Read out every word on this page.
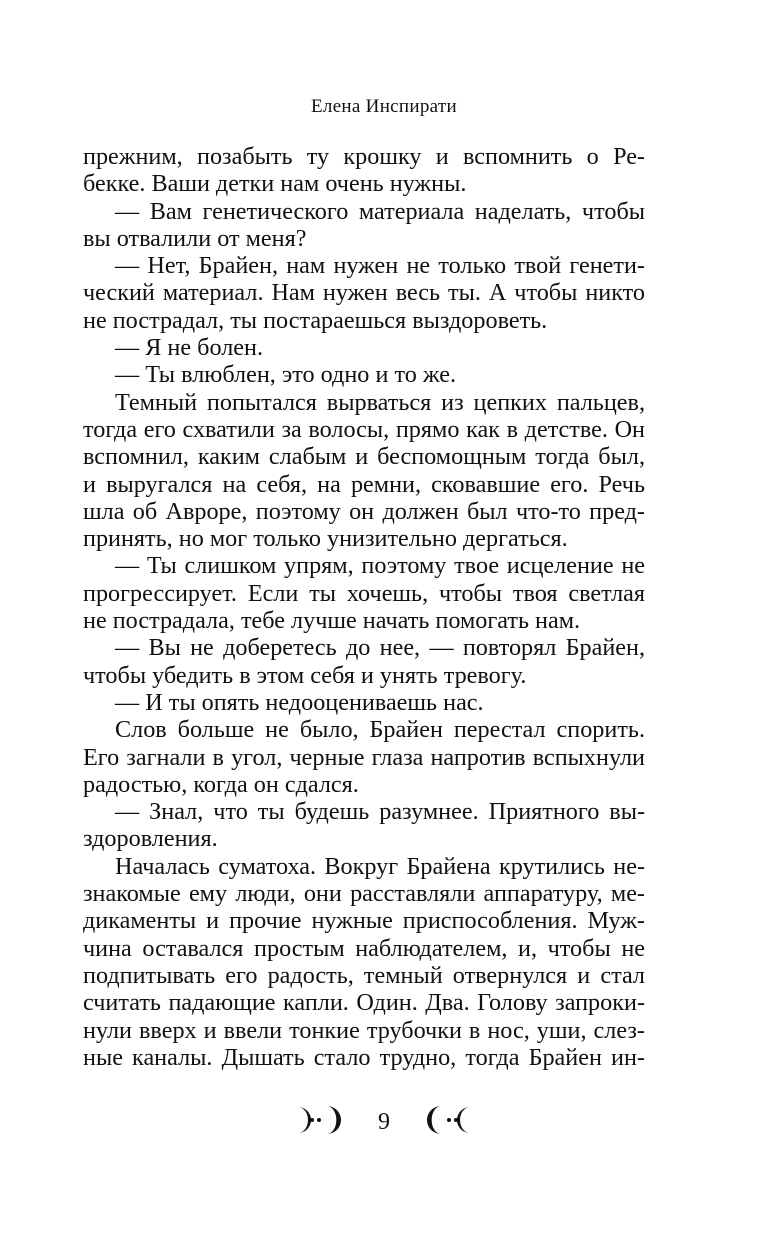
Елена Инспирати
прежним, позабыть ту крошку и вспомнить о Ре-
бекке. Ваши детки нам очень нужны.
— Вам генетического материала наделать, чтобы
вы отвалили от меня?
— Нет, Брайен, нам нужен не только твой генети-
ческий материал. Нам нужен весь ты. А чтобы никто
не пострадал, ты постараешься выздороветь.
— Я не болен.
— Ты влюблен, это одно и то же.
Темный попытался вырваться из цепких пальцев,
тогда его схватили за волосы, прямо как в детстве. Он
вспомнил, каким слабым и беспомощным тогда был,
и выругался на себя, на ремни, сковавшие его. Речь
шла об Авроре, поэтому он должен был что-то пред-
принять, но мог только унизительно дергаться.
— Ты слишком упрям, поэтому твое исцеление не
прогрессирует. Если ты хочешь, чтобы твоя светлая
не пострадала, тебе лучше начать помогать нам.
— Вы не доберетесь до нее, — повторял Брайен,
чтобы убедить в этом себя и унять тревогу.
— И ты опять недооцениваешь нас.
Слов больше не было, Брайен перестал спорить.
Его загнали в угол, черные глаза напротив вспыхнули
радостью, когда он сдался.
— Знал, что ты будешь разумнее. Приятного вы-
здоровления.
Началась суматоха. Вокруг Брайена крутились не-
знакомые ему люди, они расставляли аппаратуру, ме-
дикаменты и прочие нужные приспособления. Муж-
чина оставался простым наблюдателем, и, чтобы не
подпитывать его радость, темный отвернулся и стал
считать падающие капли. Один. Два. Голову запроки-
нули вверх и ввели тонкие трубочки в нос, уши, слез-
ные каналы. Дышать стало трудно, тогда Брайен ин-
9
